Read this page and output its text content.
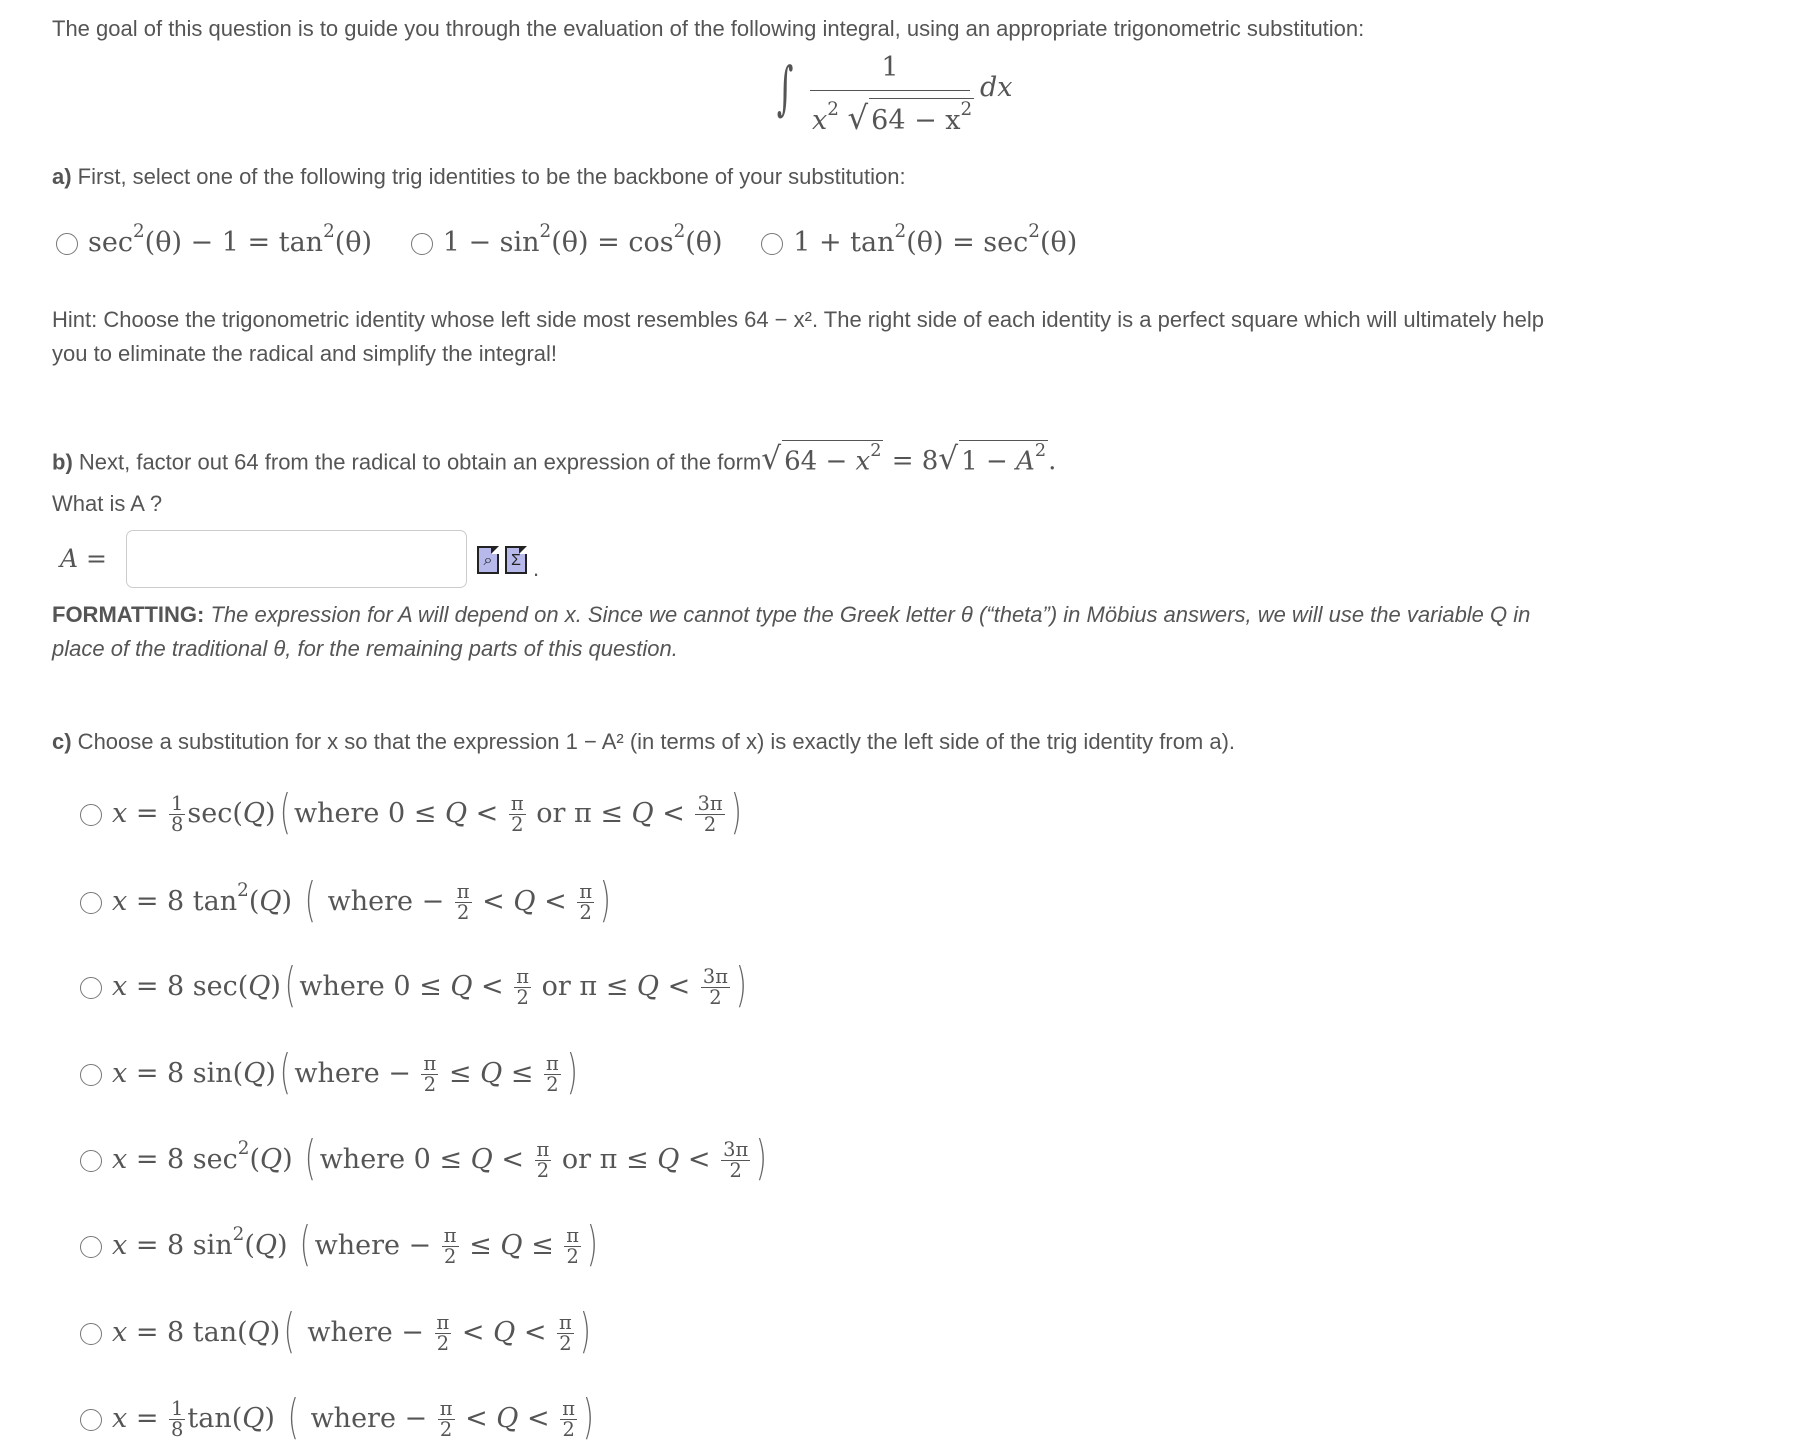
The goal of this question is to guide you through the evaluation of the following integral, using an appropriate trigonometric substitution:
∫	1
$x^2$ √ $64 - x^2$
dx
a) First, select one of the following trig identities to be the backbone of your substitution:
$\sec^2(\theta) - 1 = \tan^2(\theta)$	$1 - \sin^2(\theta) = \cos^2(\theta)$	$1 + \tan^2(\theta) = \sec^2(\theta)$
Hint: Choose the trigonometric identity whose left side most resembles 64 − x². The right side of each identity is a perfect square which will ultimately help
you to eliminate the radical and simplify the integral!
b) Next, factor out 64 from the radical to obtain an expression of the form√ $64 - x^2 = 8√$ $1 - A^2$.
What is A ?
A =	⌕	Σ .
FORMATTING: The expression for A will depend on x. Since we cannot type the Greek letter θ (“theta”) in Möbius answers, we will use the variable Q in
place of the traditional θ, for the remaining parts of this question.
c) Choose a substitution for x so that the expression 1 − A² (in terms of x) is exactly the left side of the trig identity from a).
$x = \frac{1}{8} \sec(Q)$( where $0 \le Q < \frac{\pi}{2}$ or $\pi \le Q < \frac{3\pi}{2}$ )
x = 8 $\tan^2(Q)$ ( where − $\frac{\pi}{2} < Q < \frac{\pi}{2}$ )
x = 8 sec(Q)( where $0 \le Q < \frac{\pi}{2}$ or $\pi \le Q < \frac{3\pi}{2}$ )
x = 8 sin(Q)( where − $\frac{\pi}{2} \le Q \le \frac{\pi}{2}$ )
x = 8 $\sec^2(Q)$ ( where $0 \le Q < \frac{\pi}{2}$ or $\pi \le Q < \frac{3\pi}{2}$ )
x = 8 $\sin^2(Q)$ ( where − $\frac{\pi}{2} \le Q \le \frac{\pi}{2}$ )
x = 8 tan(Q)( where − $\frac{\pi}{2} < Q < \frac{\pi}{2}$ )
$x = \frac{1}{8} \tan(Q)$ ( where − $\frac{\pi}{2} < Q < \frac{\pi}{2}$ )
